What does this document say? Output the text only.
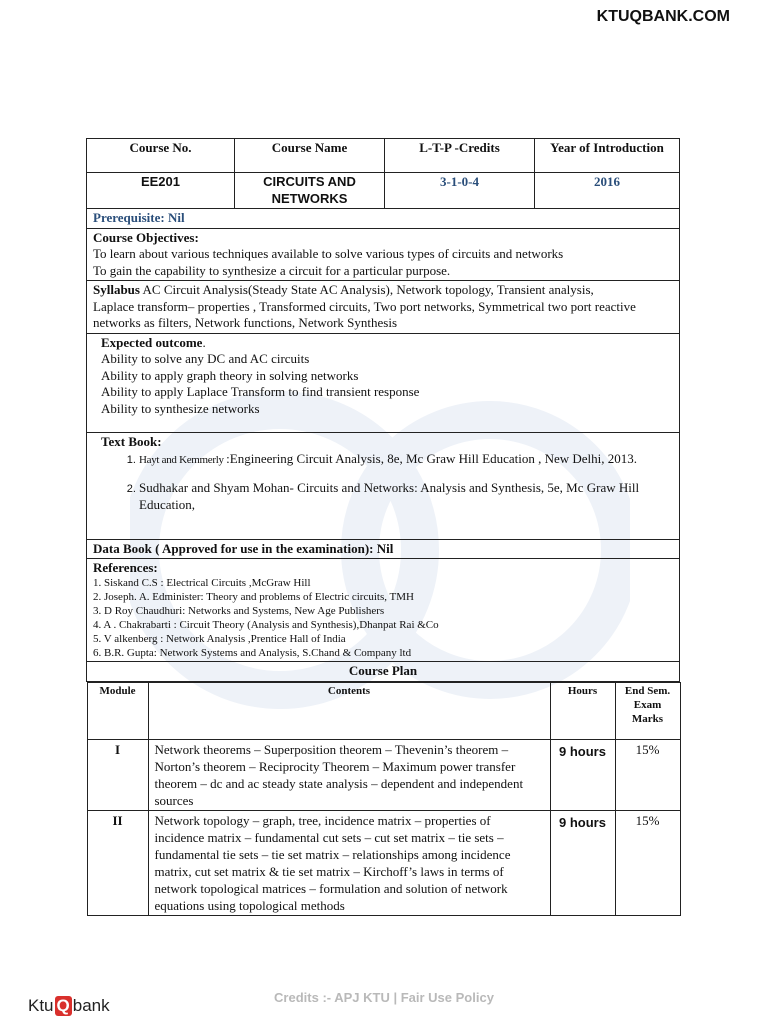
KTUQBANK.COM
Course No.	Course Name	L-T-P -Credits	Year of Introduction
EE201	CIRCUITS AND NETWORKS	3-1-0-4	2016
Prerequisite: Nil

Course Objectives:
To learn about various techniques available to solve various types of circuits and networks
To gain the capability to synthesize a circuit for a particular purpose.

Syllabus AC Circuit Analysis(Steady State AC Analysis), Network topology, Transient analysis,
Laplace transform– properties , Transformed circuits, Two port networks, Symmetrical two port reactive networks as filters, Network functions, Network Synthesis

Expected outcome.
Ability to solve any DC and AC circuits
Ability to apply graph theory in solving networks
Ability to apply Laplace Transform to find transient response
Ability to synthesize networks

Text Book:
1. Hayt and Kemmerly :Engineering Circuit Analysis, 8e, Mc Graw Hill Education , New Delhi, 2013.
2. Sudhakar and Shyam Mohan- Circuits and Networks: Analysis and Synthesis, 5e, Mc Graw Hill Education,

Data Book ( Approved for use in the examination): Nil

References:
1. Siskand C.S : Electrical Circuits ,McGraw Hill
2. Joseph. A. Edminister: Theory and problems of Electric circuits, TMH
3. D Roy Chaudhuri: Networks and Systems, New Age Publishers
4. A . Chakrabarti : Circuit Theory (Analysis and Synthesis),Dhanpat Rai &Co
5. V alkenberg : Network Analysis ,Prentice Hall of India
6. B.R. Gupta: Network Systems and Analysis, S.Chand & Company ltd

Course Plan

Module	Contents	Hours	End Sem. Exam Marks
I	Network theorems – Superposition theorem – Thevenin’s theorem – Norton’s theorem – Reciprocity Theorem – Maximum power transfer theorem – dc and ac steady state analysis – dependent and independent sources	9 hours	15%
II	Network topology – graph, tree, incidence matrix – properties of incidence matrix – fundamental cut sets – cut set matrix – tie sets – fundamental tie sets – tie set matrix – relationships among incidence matrix, cut set matrix & tie set matrix – Kirchoff’s laws in terms of network topological matrices – formulation and solution of network equations using topological methods	9 hours	15%
Ktu Q bank	Credits :- APJ KTU | Fair Use Policy
